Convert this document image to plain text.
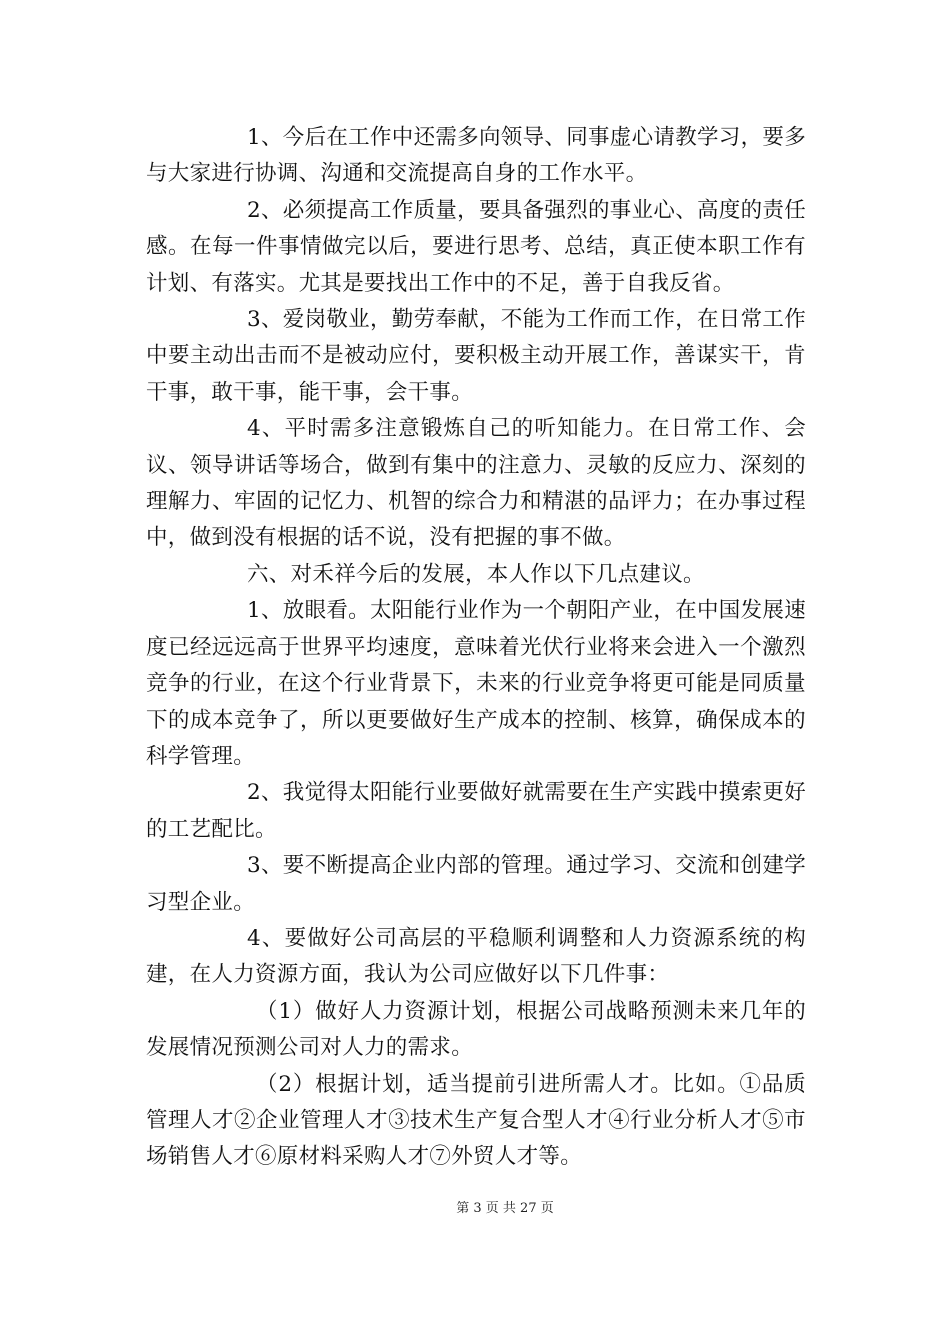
1、今后在工作中还需多向领导、同事虚心请教学习，要多与大家进行协调、沟通和交流提高自身的工作水平。

2、必须提高工作质量，要具备强烈的事业心、高度的责任感。在每一件事情做完以后，要进行思考、总结，真正使本职工作有计划、有落实。尤其是要找出工作中的不足，善于自我反省。

3、爱岗敬业，勤劳奉献，不能为工作而工作，在日常工作中要主动出击而不是被动应付，要积极主动开展工作，善谋实干，肯干事，敢干事，能干事，会干事。

4、平时需多注意锻炼自己的听知能力。在日常工作、会议、领导讲话等场合，做到有集中的注意力、灵敏的反应力、深刻的理解力、牢固的记忆力、机智的综合力和精湛的品评力；在办事过程中，做到没有根据的话不说，没有把握的事不做。

六、对禾祥今后的发展，本人作以下几点建议。

1、放眼看。太阳能行业作为一个朝阳产业，在中国发展速度已经远远高于世界平均速度，意味着光伏行业将来会进入一个激烈竞争的行业，在这个行业背景下，未来的行业竞争将更可能是同质量下的成本竞争了，所以更要做好生产成本的控制、核算，确保成本的科学管理。

2、我觉得太阳能行业要做好就需要在生产实践中摸索更好的工艺配比。

3、要不断提高企业内部的管理。通过学习、交流和创建学习型企业。

4、要做好公司高层的平稳顺利调整和人力资源系统的构建，在人力资源方面，我认为公司应做好以下几件事：

（1）做好人力资源计划，根据公司战略预测未来几年的发展情况预测公司对人力的需求。

（2）根据计划，适当提前引进所需人才。比如。①品质管理人才②企业管理人才③技术生产复合型人才④行业分析人才⑤市场销售人才⑥原材料采购人才⑦外贸人才等。

第 3 页 共 27 页
